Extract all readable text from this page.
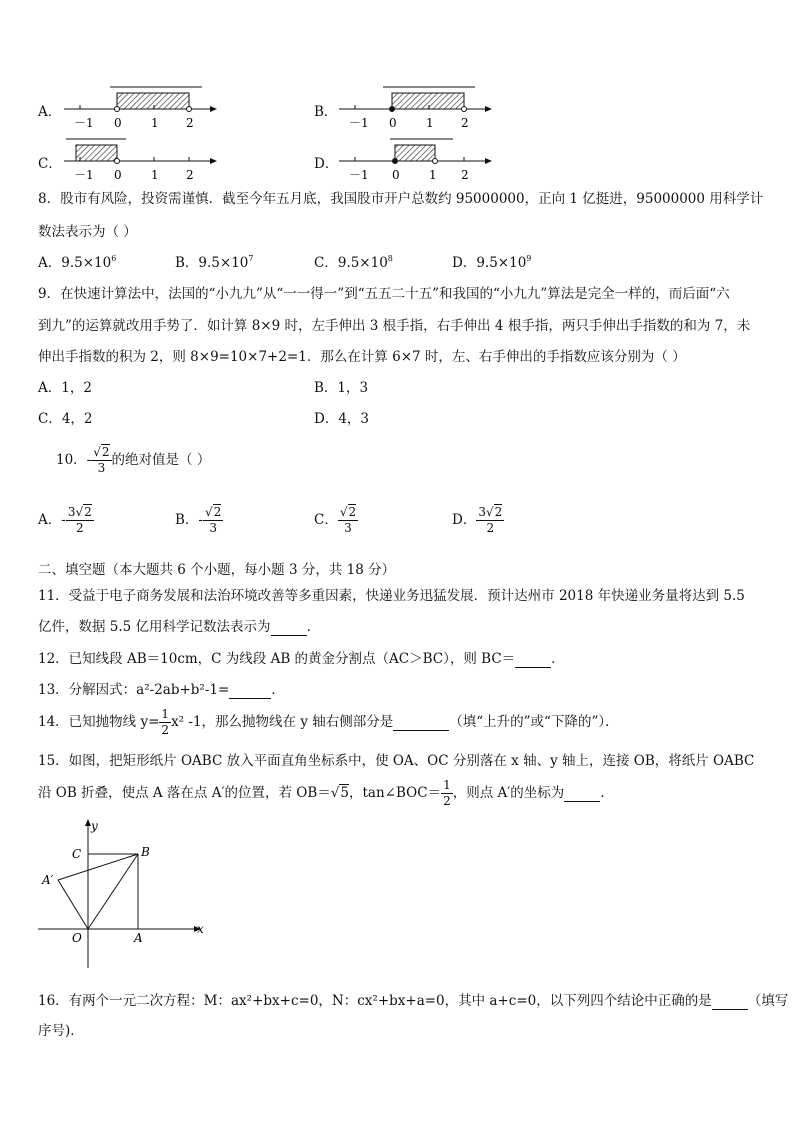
A．
－1 0 1 2
B．
－1 0 1 2
C．
－1 0 1 2
D．
－1 0 1 2
8．股市有风险，投资需谨慎．截至今年五月底，我国股市开户总数约 95000000，正向 1 亿挺进，95000000 用科学计
数法表示为（ ）
A．$9.5\times 10^6$	B．$9.5\times 10^7$	C．$9.5\times 10^8$	D．$9.5\times 10^9$
9．在快速计算法中，法国的“小九九”从“一一得一”到“五五二十五”和我国的“小九九”算法是完全一样的，而后面“六
到九”的运算就改用手势了．如计算 8×9 时，左手伸出 3 根手指，右手伸出 4 根手指，两只手伸出手指数的和为 7，未
伸出手指数的积为 2，则 8×9=10×7+2=1．那么在计算 6×7 时，左、右手伸出的手指数应该分别为（ ）
A．1，2	B．1，3
C．4，2	D．4，3
10．- $\frac{√2}{3}$ 的绝对值是（ ）
A．- $\frac{3√2}{2}$	B．- $\frac{√2}{3}$	C． $\frac{√2}{3}$	D． $\frac{3√2}{2}$
二、填空题（本大题共 6 个小题，每小题 3 分，共 18 分）
11．受益于电子商务发展和法治环境改善等多重因素，快递业务迅猛发展．预计达州市 2018 年快递业务量将达到 5.5
亿件，数据 5.5 亿用科学记数法表示为	．
12．已知线段 AB＝10cm，C 为线段 AB 的黄金分割点（AC＞BC），则 BC＝	．
13．分解因式：a²-2ab+b²-1=	．
14．已知抛物线 $y= \frac{1}{2} x^2$ -1，那么抛物线在 y 轴右侧部分是	（填“上升的”或“下降的”）．
15．如图，把矩形纸片 OABC 放入平面直角坐标系中，使 OA、OC 分别落在 x 轴、y 轴上，连接 OB，将纸片 OABC
沿 OB 折叠，使点 A 落在点 A′的位置，若 OB＝√5，tan∠BOC＝ $\frac{1}{2}$ ，则点 A′的坐标为	．
y
x
C	B
A′
O	A
16．有两个一元二次方程：M：ax²+bx+c=0，N：cx²+bx+a=0，其中 a+c=0，以下列四个结论中正确的是	（填写
序号)．
